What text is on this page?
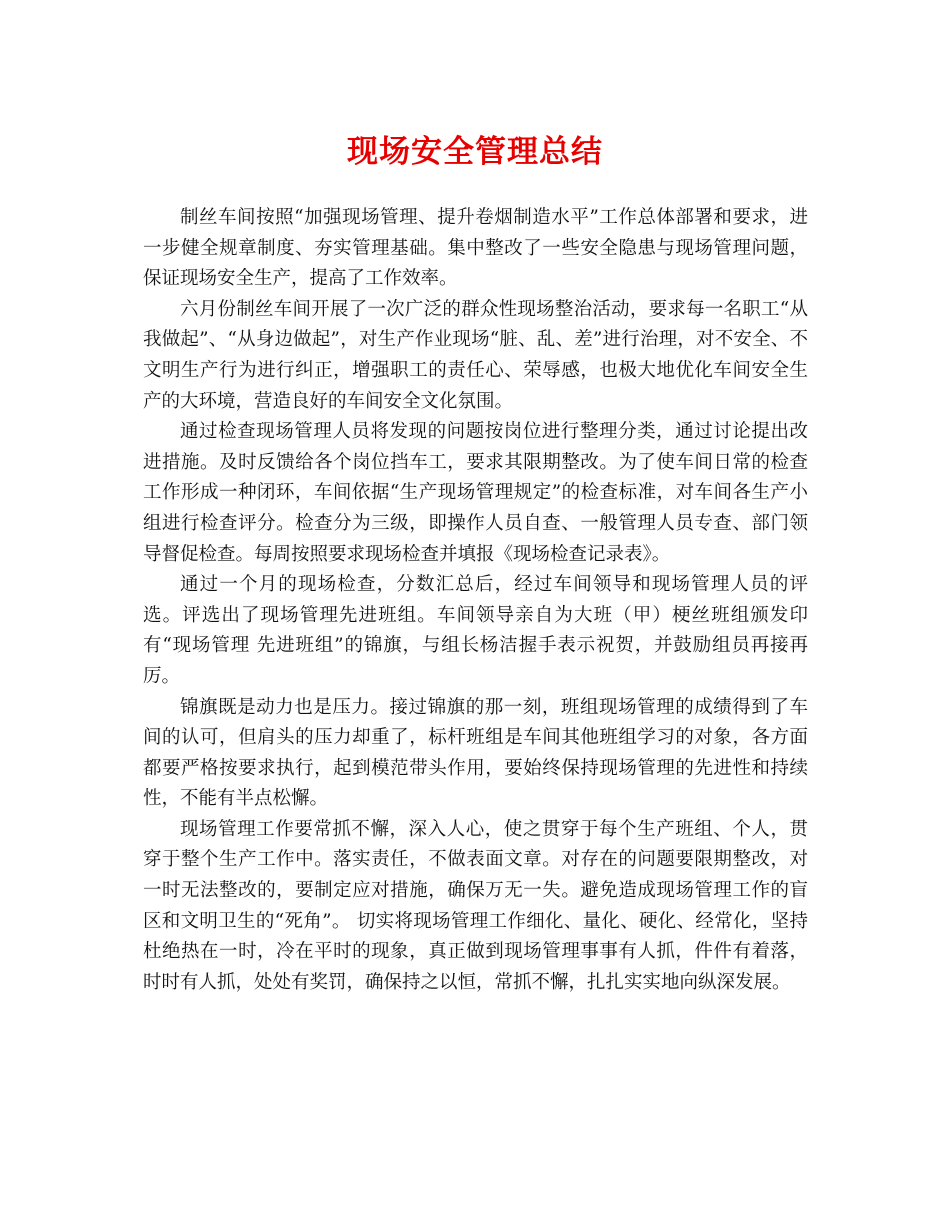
现场安全管理总结

制丝车间按照“加强现场管理、提升卷烟制造水平”工作总体部署和要求，进一步健全规章制度、夯实管理基础。集中整改了一些安全隐患与现场管理问题，保证现场安全生产，提高了工作效率。

六月份制丝车间开展了一次广泛的群众性现场整治活动，要求每一名职工“从我做起”、“从身边做起”，对生产作业现场“脏、乱、差”进行治理，对不安全、不文明生产行为进行纠正，增强职工的责任心、荣辱感，也极大地优化车间安全生产的大环境，营造良好的车间安全文化氛围。

通过检查现场管理人员将发现的问题按岗位进行整理分类，通过讨论提出改进措施。及时反馈给各个岗位挡车工，要求其限期整改。为了使车间日常的检查工作形成一种闭环，车间依据“生产现场管理规定”的检查标准，对车间各生产小组进行检查评分。检查分为三级，即操作人员自查、一般管理人员专查、部门领导督促检查。每周按照要求现场检查并填报《现场检查记录表》。

通过一个月的现场检查，分数汇总后，经过车间领导和现场管理人员的评选。评选出了现场管理先进班组。车间领导亲自为大班（甲）梗丝班组颁发印有“现场管理 先进班组”的锦旗，与组长杨洁握手表示祝贺，并鼓励组员再接再厉。

锦旗既是动力也是压力。接过锦旗的那一刻，班组现场管理的成绩得到了车间的认可，但肩头的压力却重了，标杆班组是车间其他班组学习的对象，各方面都要严格按要求执行，起到模范带头作用，要始终保持现场管理的先进性和持续性，不能有半点松懈。

现场管理工作要常抓不懈，深入人心，使之贯穿于每个生产班组、个人，贯穿于整个生产工作中。落实责任，不做表面文章。对存在的问题要限期整改，对一时无法整改的，要制定应对措施，确保万无一失。避免造成现场管理工作的盲区和文明卫生的“死角”。 切实将现场管理工作细化、量化、硬化、经常化，坚持杜绝热在一时，冷在平时的现象，真正做到现场管理事事有人抓，件件有着落，时时有人抓，处处有奖罚，确保持之以恒，常抓不懈，扎扎实实地向纵深发展。
